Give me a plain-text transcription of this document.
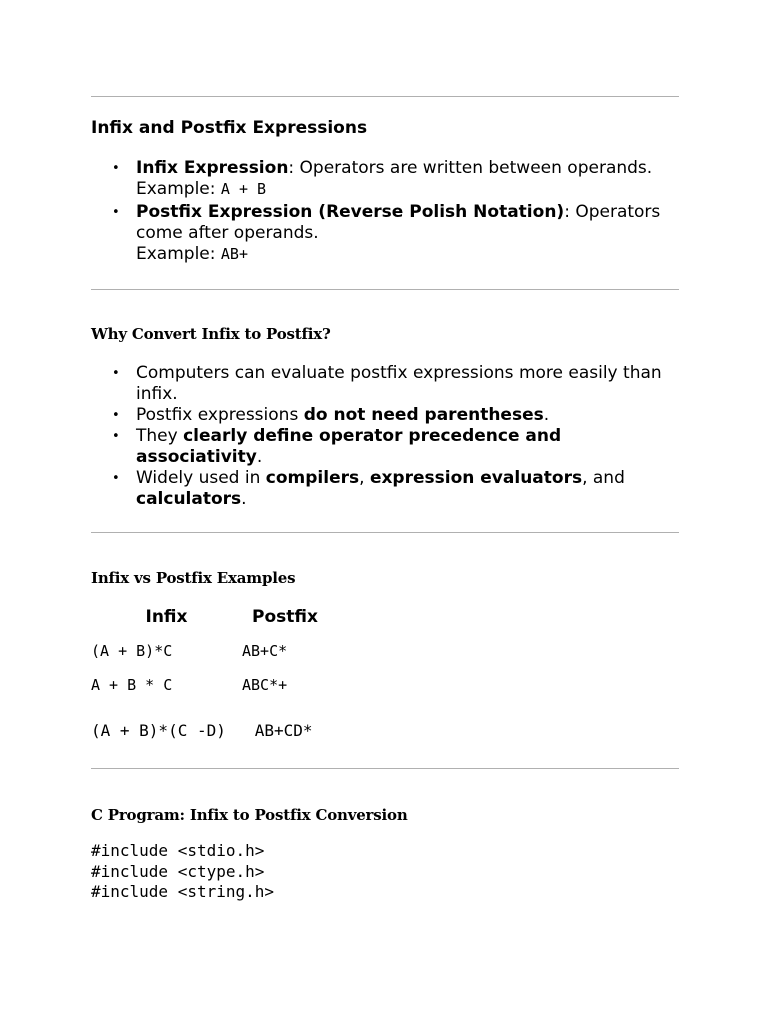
Infix and Postfix Expressions
• Infix Expression: Operators are written between operands.
Example: A + B
• Postfix Expression (Reverse Polish Notation): Operators come after operands.
Example: AB+
Why Convert Infix to Postfix?
• Computers can evaluate postfix expressions more easily than infix.
• Postfix expressions do not need parentheses.
• They clearly define operator precedence and associativity.
• Widely used in compilers, expression evaluators, and calculators.
Infix vs Postfix Examples
Infix	Postfix
(A + B)*C	AB+C*
A + B * C	ABC*+
(A + B)*(C -D) AB+CD*
C Program: Infix to Postfix Conversion
#include <stdio.h>
#include <ctype.h>
#include <string.h>
